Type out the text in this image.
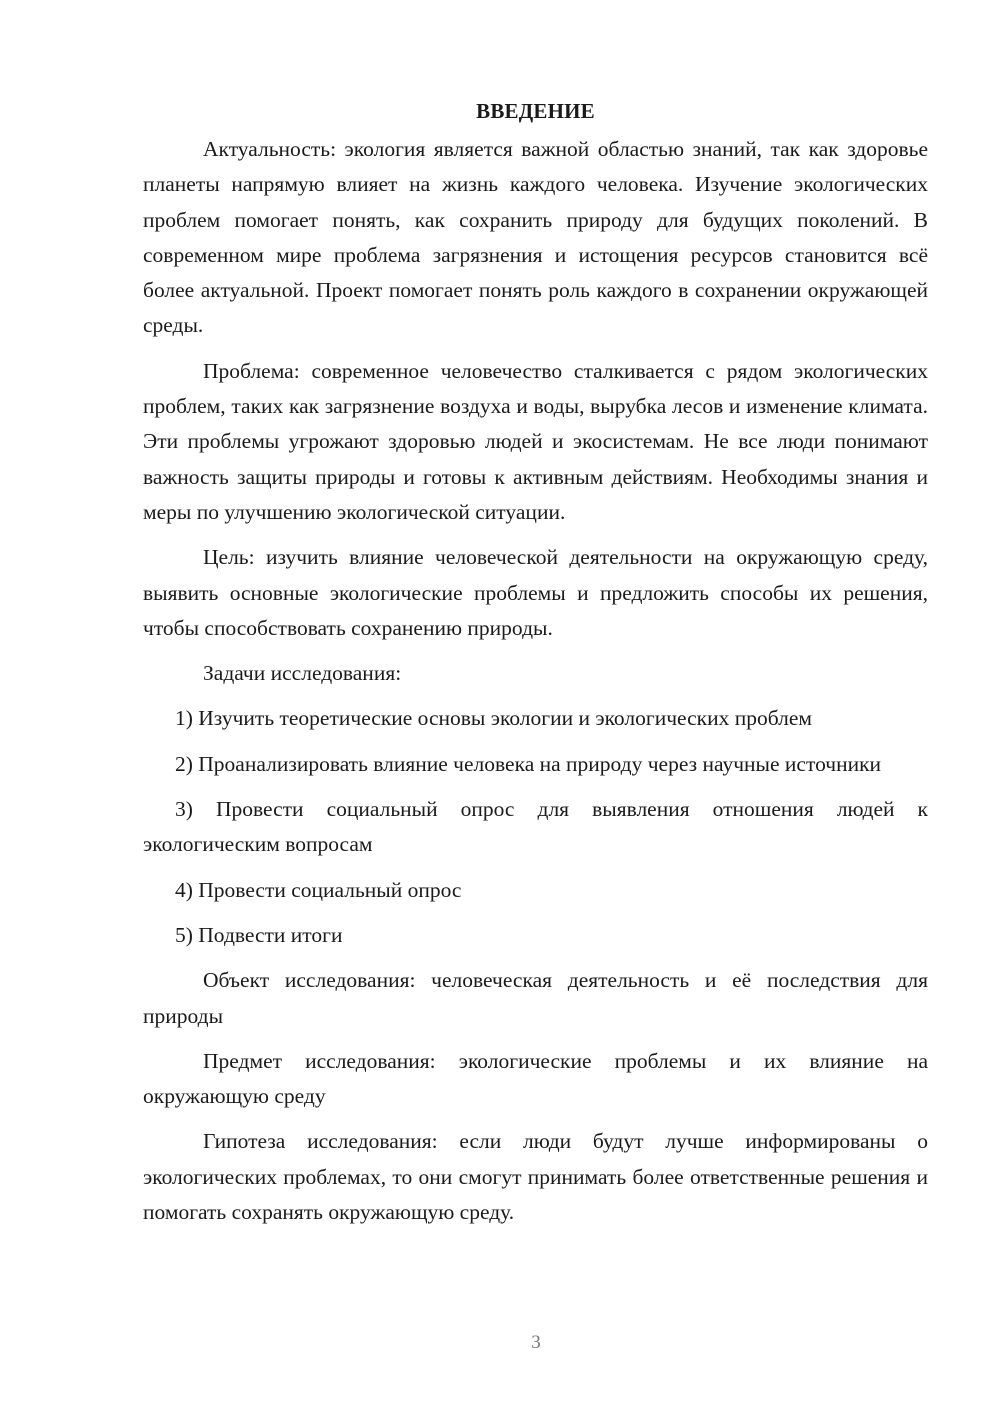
ВВЕДЕНИЕ

Актуальность: экология является важной областью знаний, так как здоровье планеты напрямую влияет на жизнь каждого человека. Изучение экологических проблем помогает понять, как сохранить природу для будущих поколений. В современном мире проблема загрязнения и истощения ресурсов становится всё более актуальной. Проект помогает понять роль каждого в сохранении окружающей среды.

Проблема: современное человечество сталкивается с рядом экологических проблем, таких как загрязнение воздуха и воды, вырубка лесов и изменение климата. Эти проблемы угрожают здоровью людей и экосистемам. Не все люди понимают важность защиты природы и готовы к активным действиям. Необходимы знания и меры по улучшению экологической ситуации.

Цель: изучить влияние человеческой деятельности на окружающую среду, выявить основные экологические проблемы и предложить способы их решения, чтобы способствовать сохранению природы.

Задачи исследования:

1) Изучить теоретические основы экологии и экологических проблем

2) Проанализировать влияние человека на природу через научные источники

3) Провести социальный опрос для выявления отношения людей к экологическим вопросам

4) Провести социальный опрос

5) Подвести итоги

Объект исследования: человеческая деятельность и её последствия для природы

Предмет исследования: экологические проблемы и их влияние на окружающую среду

Гипотеза исследования: если люди будут лучше информированы о экологических проблемах, то они смогут принимать более ответственные решения и помогать сохранять окружающую среду.

3
